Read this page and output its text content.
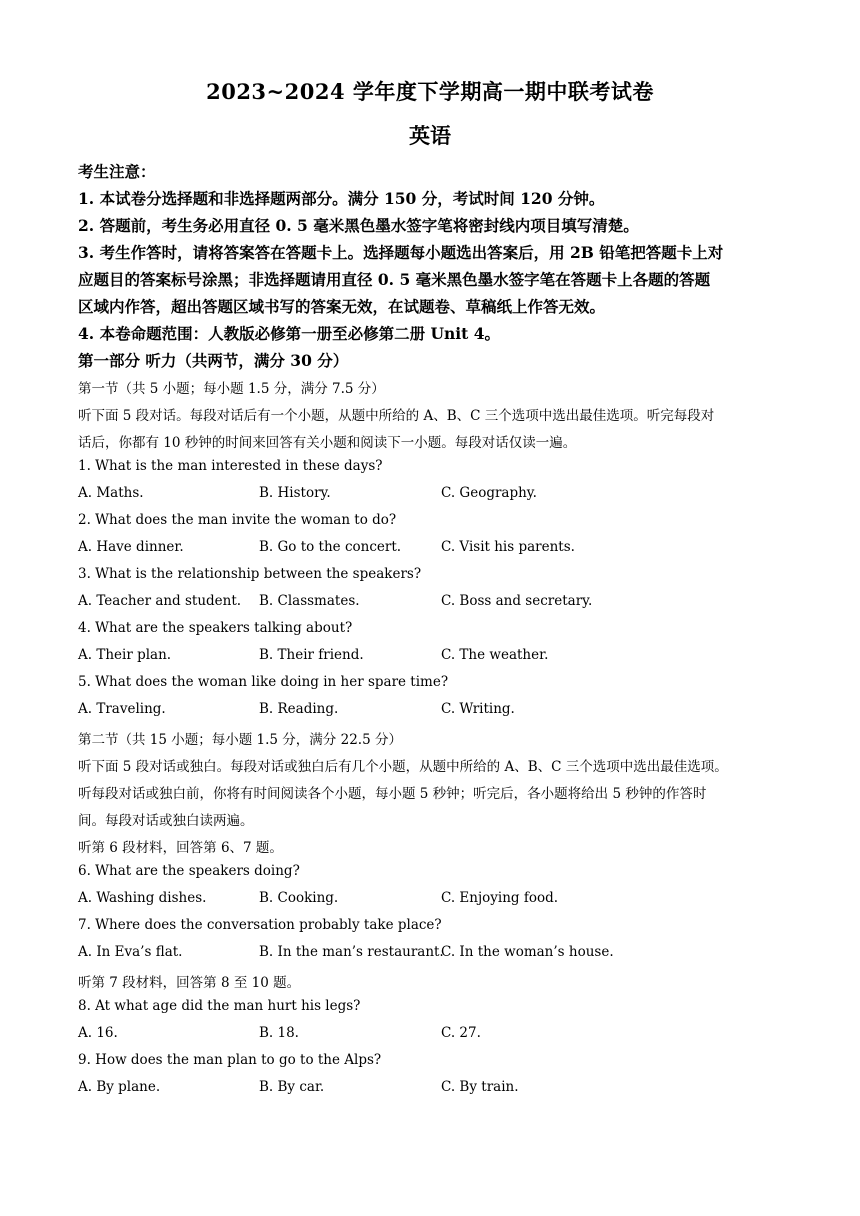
2023~2024 学年度下学期高一期中联考试卷
英语
考生注意：
1. 本试卷分选择题和非选择题两部分。满分 150 分，考试时间 120 分钟。
2. 答题前，考生务必用直径 0. 5 毫米黑色墨水签字笔将密封线内项目填写清楚。
3. 考生作答时，请将答案答在答题卡上。选择题每小题选出答案后，用 2B 铅笔把答题卡上对
应题目的答案标号涂黑；非选择题请用直径 0. 5 毫米黑色墨水签字笔在答题卡上各题的答题
区域内作答，超出答题区域书写的答案无效，在试题卷、草稿纸上作答无效。
4. 本卷命题范围：人教版必修第一册至必修第二册 Unit 4。
第一部分 听力（共两节，满分 30 分）
第一节（共 5 小题；每小题 1.5 分，满分 7.5 分）
听下面 5 段对话。每段对话后有一个小题，从题中所给的 A、B、C 三个选项中选出最佳选项。听完每段对
话后，你都有 10 秒钟的时间来回答有关小题和阅读下一小题。每段对话仅读一遍。
1. What is the man interested in these days?
A. Maths.	B. History.	C. Geography.
2. What does the man invite the woman to do?
A. Have dinner.	B. Go to the concert.	C. Visit his parents.
3. What is the relationship between the speakers?
A. Teacher and student. B. Classmates.	C. Boss and secretary.
4. What are the speakers talking about?
A. Their plan.	B. Their friend.	C. The weather.
5. What does the woman like doing in her spare time?
A. Traveling.	B. Reading.	C. Writing.
第二节（共 15 小题；每小题 1.5 分，满分 22.5 分）
听下面 5 段对话或独白。每段对话或独白后有几个小题，从题中所给的 A、B、C 三个选项中选出最佳选项。
听每段对话或独白前，你将有时间阅读各个小题，每小题 5 秒钟；听完后，各小题将给出 5 秒钟的作答时
间。每段对话或独白读两遍。
听第 6 段材料，回答第 6、7 题。
6. What are the speakers doing?
A. Washing dishes.	B. Cooking.	C. Enjoying food.
7. Where does the conversation probably take place?
A. In Eva’s flat.	B. In the man’s restaurant.
C. In the woman’s house.
听第 7 段材料，回答第 8 至 10 题。
8. At what age did the man hurt his legs?
A. 16.	B. 18.	C. 27.
9. How does the man plan to go to the Alps?
A. By plane.	B. By car.	C. By train.
